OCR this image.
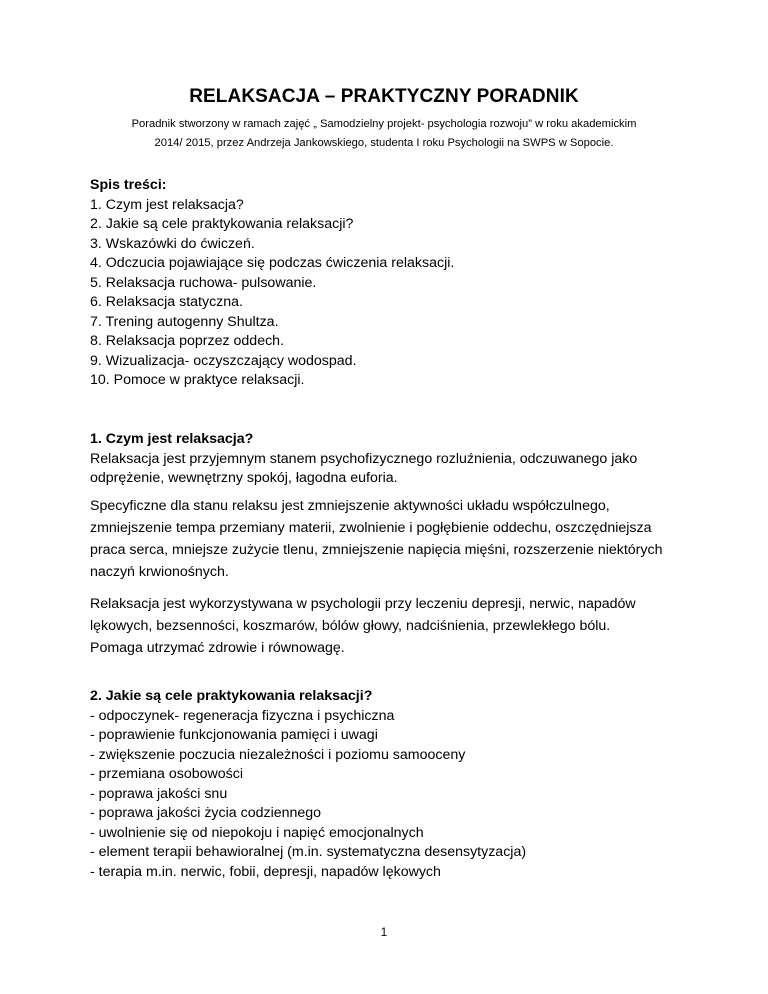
RELAKSACJA – PRAKTYCZNY PORADNIK
Poradnik stworzony w ramach zajęć „ Samodzielny projekt- psychologia rozwoju” w roku akademickim
2014/ 2015, przez Andrzeja Jankowskiego, studenta I roku Psychologii na SWPS w Sopocie.
Spis treści:
1. Czym jest relaksacja?
2. Jakie są cele praktykowania relaksacji?
3. Wskazówki do ćwiczeń.
4. Odczucia pojawiające się podczas ćwiczenia relaksacji.
5. Relaksacja ruchowa- pulsowanie.
6. Relaksacja statyczna.
7. Trening autogenny Shultza.
8. Relaksacja poprzez oddech.
9. Wizualizacja- oczyszczający wodospad.
10. Pomoce w praktyce relaksacji.
1. Czym jest relaksacja?
Relaksacja jest przyjemnym stanem psychofizycznego rozluźnienia, odczuwanego jako
odprężenie, wewnętrzny spokój, łagodna euforia.
Specyficzne dla stanu relaksu jest zmniejszenie aktywności układu współczulnego,
zmniejszenie tempa przemiany materii, zwolnienie i pogłębienie oddechu, oszczędniejsza
praca serca, mniejsze zużycie tlenu, zmniejszenie napięcia mięśni, rozszerzenie niektórych
naczyń krwionośnych.
Relaksacja jest wykorzystywana w psychologii przy leczeniu depresji, nerwic, napadów
lękowych, bezsenności, koszmarów, bólów głowy, nadciśnienia, przewlekłego bólu.
Pomaga utrzymać zdrowie i równowagę.
2. Jakie są cele praktykowania relaksacji?
- odpoczynek- regeneracja fizyczna i psychiczna
- poprawienie funkcjonowania pamięci i uwagi
- zwiększenie poczucia niezależności i poziomu samooceny
- przemiana osobowości
- poprawa jakości snu
- poprawa jakości życia codziennego
- uwolnienie się od niepokoju i napięć emocjonalnych
- element terapii behawioralnej (m.in. systematyczna desensytyzacja)
- terapia m.in. nerwic, fobii, depresji, napadów lękowych
1
